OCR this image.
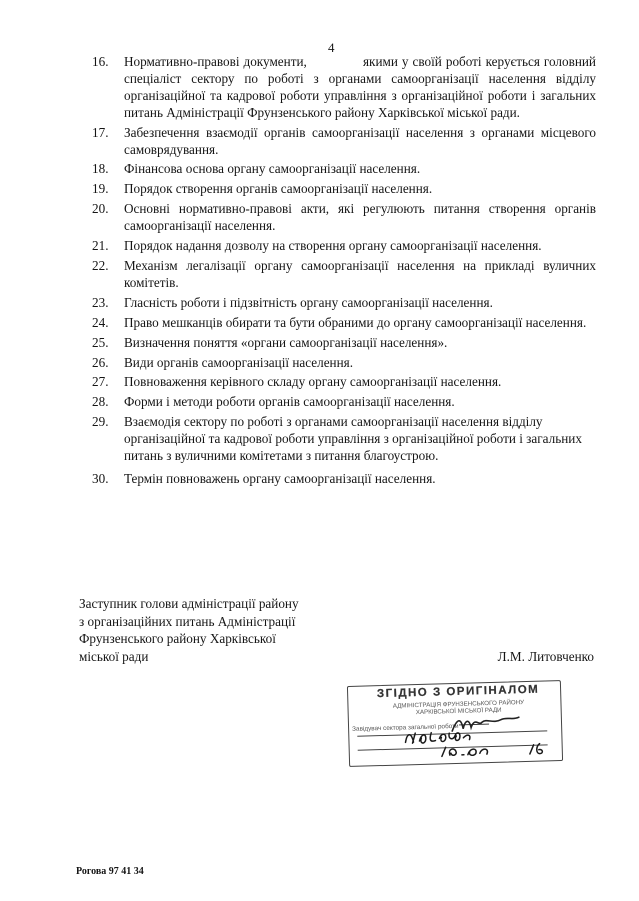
4
16.	Нормативно-правові документи,              якими у своїй роботі керується головний спеціаліст сектору по роботі з органами самоорганізації населення відділу організаційної та кадрової роботи управління з організаційної роботи і загальних питань Адміністрації Фрунзенського району Харківської міської ради.
17.	Забезпечення взаємодії органів самоорганізації населення з органами місцевого самоврядування.
18.	Фінансова основа органу самоорганізації населення.
19.	Порядок створення органів самоорганізації населення.
20.	Основні нормативно-правові акти, які регулюють питання створення органів самоорганізації населення.
21.	Порядок надання дозволу на створення органу самоорганізації населення.
22.	Механізм легалізації органу самоорганізації населення на прикладі вуличних комітетів.
23.	Гласність роботи і підзвітність органу самоорганізації населення.
24.	Право мешканців обирати та бути обраними до органу самоорганізації населення.
25.	Визначення поняття «органи самоорганізації населення».
26.	Види органів самоорганізації населення.
27.	Повноваження керівного складу органу самоорганізації населення.
28.	Форми і методи роботи органів самоорганізації населення.
29.	Взаємодія сектору по роботі з органами самоорганізації населення відділу організаційної та кадрової роботи управління з організаційної роботи і загальних питань з вуличними комітетами з питання благоустрою.
30.	Термін повноважень органу самоорганізації населення.
Заступник голови адміністрації району
з організаційних питань Адміністрації
Фрунзенського району Харківської
міської ради	Л.М. Литовченко
ЗГІДНО З ОРИГІНАЛОМ
АДМІНІСТРАЦІЯ ФРУНЗЕНСЬКОГО РАЙОНУ
ХАРКІВСЬКОЇ МІСЬКОЇ РАДИ
Завідувач сектора загальної роботи
Рогова 97 41 34
